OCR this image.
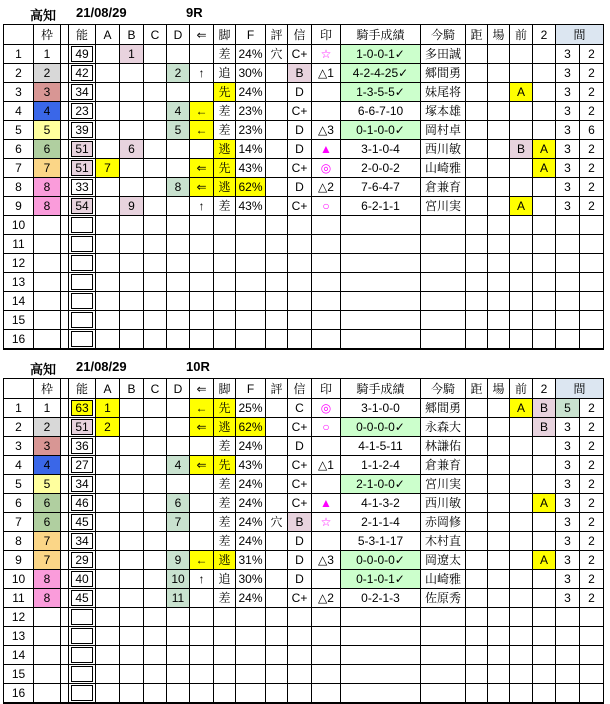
高知 21/08/29	9R
	枠		能	A	B	C	D	⇐	脚	F	評	信	印	騎手成績	今騎	距	場	前	2	間	
1	1		49		1				差	24%	穴	C+	☆	1-0-0-1✓	多田誠					3	2
2	2		42				2	↑	追	30%		B	△1	4-2-4-25✓	郷間勇					3	2
3	3		34						先	24%		D		1-3-5-5✓	妹尾将			A		3	2
4	4		23				4	←	差	23%		C+		6-6-7-10	塚本雄					3	2
5	5		39				5	←	差	23%		D	△3	0-1-0-0✓	岡村卓					3	6
6	6		51		6				逃	14%		D	▲	3-1-0-4	西川敏			B	A	3	2
7	7		51	7				⇐	先	43%		C+	◎	2-0-0-2	山崎雅				A	3	2
8	8		33				8	⇐	逃	62%		D	△2	7-6-4-7	倉兼育					3	2
9	8		54		9			↑	差	43%		C+	○	6-2-1-1	宮川実			A		3	2
10			

11			

12			

13			

14			

15			

16			

高知 21/08/29	10R
	枠		能	A	B	C	D	⇐	脚	F	評	信	印	騎手成績	今騎	距	場	前	2	間	
1	1		63	1				←	先	25%		C	◎	3-1-0-0	郷間勇			A	B	5	2
2	2		51	2				⇐	逃	62%		C+	○	0-0-0-0✓	永森大				B	3	2
3	3		36						差	24%		D		4-1-5-11	林謙佑					3	2
4	4		27				4	⇐	先	43%		C+	△1	1-1-2-4	倉兼育					3	2
5	5		34						差	24%		C+		2-1-0-0✓	宮川実					3	2
6	6		46				6		差	24%		C+	▲	4-1-3-2	西川敏				A	3	2
7	6		45				7		差	24%	穴	B	☆	2-1-1-4	赤岡修					3	2
8	7		34						差	24%		D		5-3-1-17	木村直					3	2
9	7		29				9	←	逃	31%		D	△3	0-0-0-0✓	岡遼太				A	3	2
10	8		40				10	↑	追	30%		D		0-1-0-1✓	山崎雅					3	2
11	8		45				11		差	24%		C+	△2	0-2-1-3	佐原秀					3	2
12			

13			

14			

15			

16			
